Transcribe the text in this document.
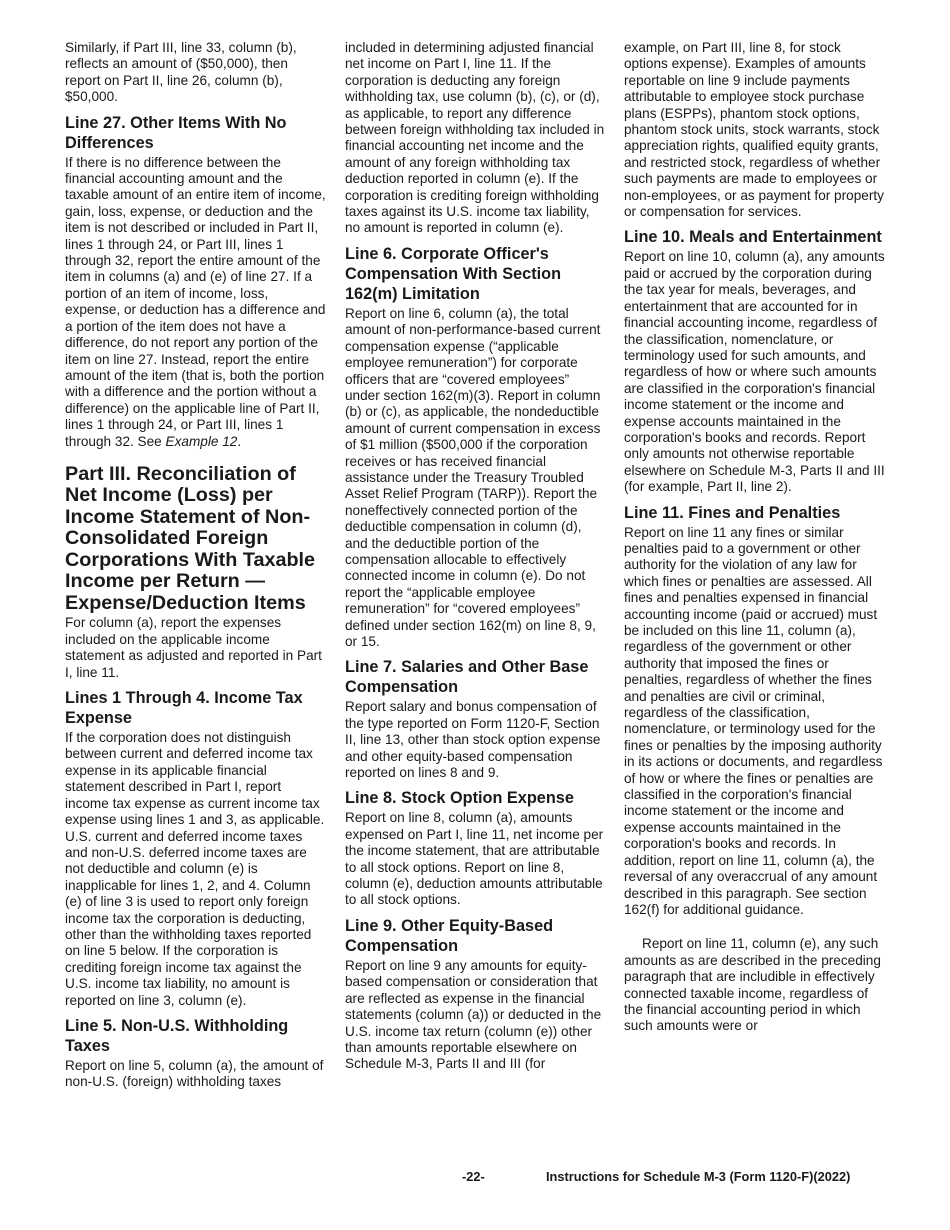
Similarly, if Part III, line 33, column (b), reflects an amount of ($50,000), then report on Part II, line 26, column (b), $50,000.

Line 27. Other Items With No Differences

If there is no difference between the financial accounting amount and the taxable amount of an entire item of income, gain, loss, expense, or deduction and the item is not described or included in Part II, lines 1 through 24, or Part III, lines 1 through 32, report the entire amount of the item in columns (a) and (e) of line 27. If a portion of an item of income, loss, expense, or deduction has a difference and a portion of the item does not have a difference, do not report any portion of the item on line 27. Instead, report the entire amount of the item (that is, both the portion with a difference and the portion without a difference) on the applicable line of Part II, lines 1 through 24, or Part III, lines 1 through 32. See Example 12.

Part III. Reconciliation of Net Income (Loss) per Income Statement of Non-Consolidated Foreign Corporations With Taxable Income per Return — Expense/Deduction Items

For column (a), report the expenses included on the applicable income statement as adjusted and reported in Part I, line 11.

Lines 1 Through 4. Income Tax Expense

If the corporation does not distinguish between current and deferred income tax expense in its applicable financial statement described in Part I, report income tax expense as current income tax expense using lines 1 and 3, as applicable. U.S. current and deferred income taxes and non-U.S. deferred income taxes are not deductible and column (e) is inapplicable for lines 1, 2, and 4. Column (e) of line 3 is used to report only foreign income tax the corporation is deducting, other than the withholding taxes reported on line 5 below. If the corporation is crediting foreign income tax against the U.S. income tax liability, no amount is reported on line 3, column (e).

Line 5. Non-U.S. Withholding Taxes

Report on line 5, column (a), the amount of non-U.S. (foreign) withholding taxes

included in determining adjusted financial net income on Part I, line 11. If the corporation is deducting any foreign withholding tax, use column (b), (c), or (d), as applicable, to report any difference between foreign withholding tax included in financial accounting net income and the amount of any foreign withholding tax deduction reported in column (e). If the corporation is crediting foreign withholding taxes against its U.S. income tax liability, no amount is reported in column (e).

Line 6. Corporate Officer's Compensation With Section 162(m) Limitation

Report on line 6, column (a), the total amount of non-performance-based current compensation expense (“applicable employee remuneration”) for corporate officers that are “covered employees” under section 162(m)(3). Report in column (b) or (c), as applicable, the nondeductible amount of current compensation in excess of $1 million ($500,000 if the corporation receives or has received financial assistance under the Treasury Troubled Asset Relief Program (TARP)). Report the noneffectively connected portion of the deductible compensation in column (d), and the deductible portion of the compensation allocable to effectively connected income in column (e). Do not report the “applicable employee remuneration” for “covered employees” defined under section 162(m) on line 8, 9, or 15.

Line 7. Salaries and Other Base Compensation

Report salary and bonus compensation of the type reported on Form 1120-F, Section II, line 13, other than stock option expense and other equity-based compensation reported on lines 8 and 9.

Line 8. Stock Option Expense

Report on line 8, column (a), amounts expensed on Part I, line 11, net income per the income statement, that are attributable to all stock options. Report on line 8, column (e), deduction amounts attributable to all stock options.

Line 9. Other Equity-Based Compensation

Report on line 9 any amounts for equity-based compensation or consideration that are reflected as expense in the financial statements (column (a)) or deducted in the U.S. income tax return (column (e)) other than amounts reportable elsewhere on Schedule M-3, Parts II and III (for

example, on Part III, line 8, for stock options expense). Examples of amounts reportable on line 9 include payments attributable to employee stock purchase plans (ESPPs), phantom stock options, phantom stock units, stock warrants, stock appreciation rights, qualified equity grants, and restricted stock, regardless of whether such payments are made to employees or non-employees, or as payment for property or compensation for services.

Line 10. Meals and Entertainment

Report on line 10, column (a), any amounts paid or accrued by the corporation during the tax year for meals, beverages, and entertainment that are accounted for in financial accounting income, regardless of the classification, nomenclature, or terminology used for such amounts, and regardless of how or where such amounts are classified in the corporation's financial income statement or the income and expense accounts maintained in the corporation's books and records. Report only amounts not otherwise reportable elsewhere on Schedule M-3, Parts II and III (for example, Part II, line 2).

Line 11. Fines and Penalties

Report on line 11 any fines or similar penalties paid to a government or other authority for the violation of any law for which fines or penalties are assessed. All fines and penalties expensed in financial accounting income (paid or accrued) must be included on this line 11, column (a), regardless of the government or other authority that imposed the fines or penalties, regardless of whether the fines and penalties are civil or criminal, regardless of the classification, nomenclature, or terminology used for the fines or penalties by the imposing authority in its actions or documents, and regardless of how or where the fines or penalties are classified in the corporation's financial income statement or the income and expense accounts maintained in the corporation's books and records. In addition, report on line 11, column (a), the reversal of any overaccrual of any amount described in this paragraph. See section 162(f) for additional guidance.

Report on line 11, column (e), any such amounts as are described in the preceding paragraph that are includible in effectively connected taxable income, regardless of the financial accounting period in which such amounts were or

-22-	Instructions for Schedule M-3 (Form 1120-F)(2022)
